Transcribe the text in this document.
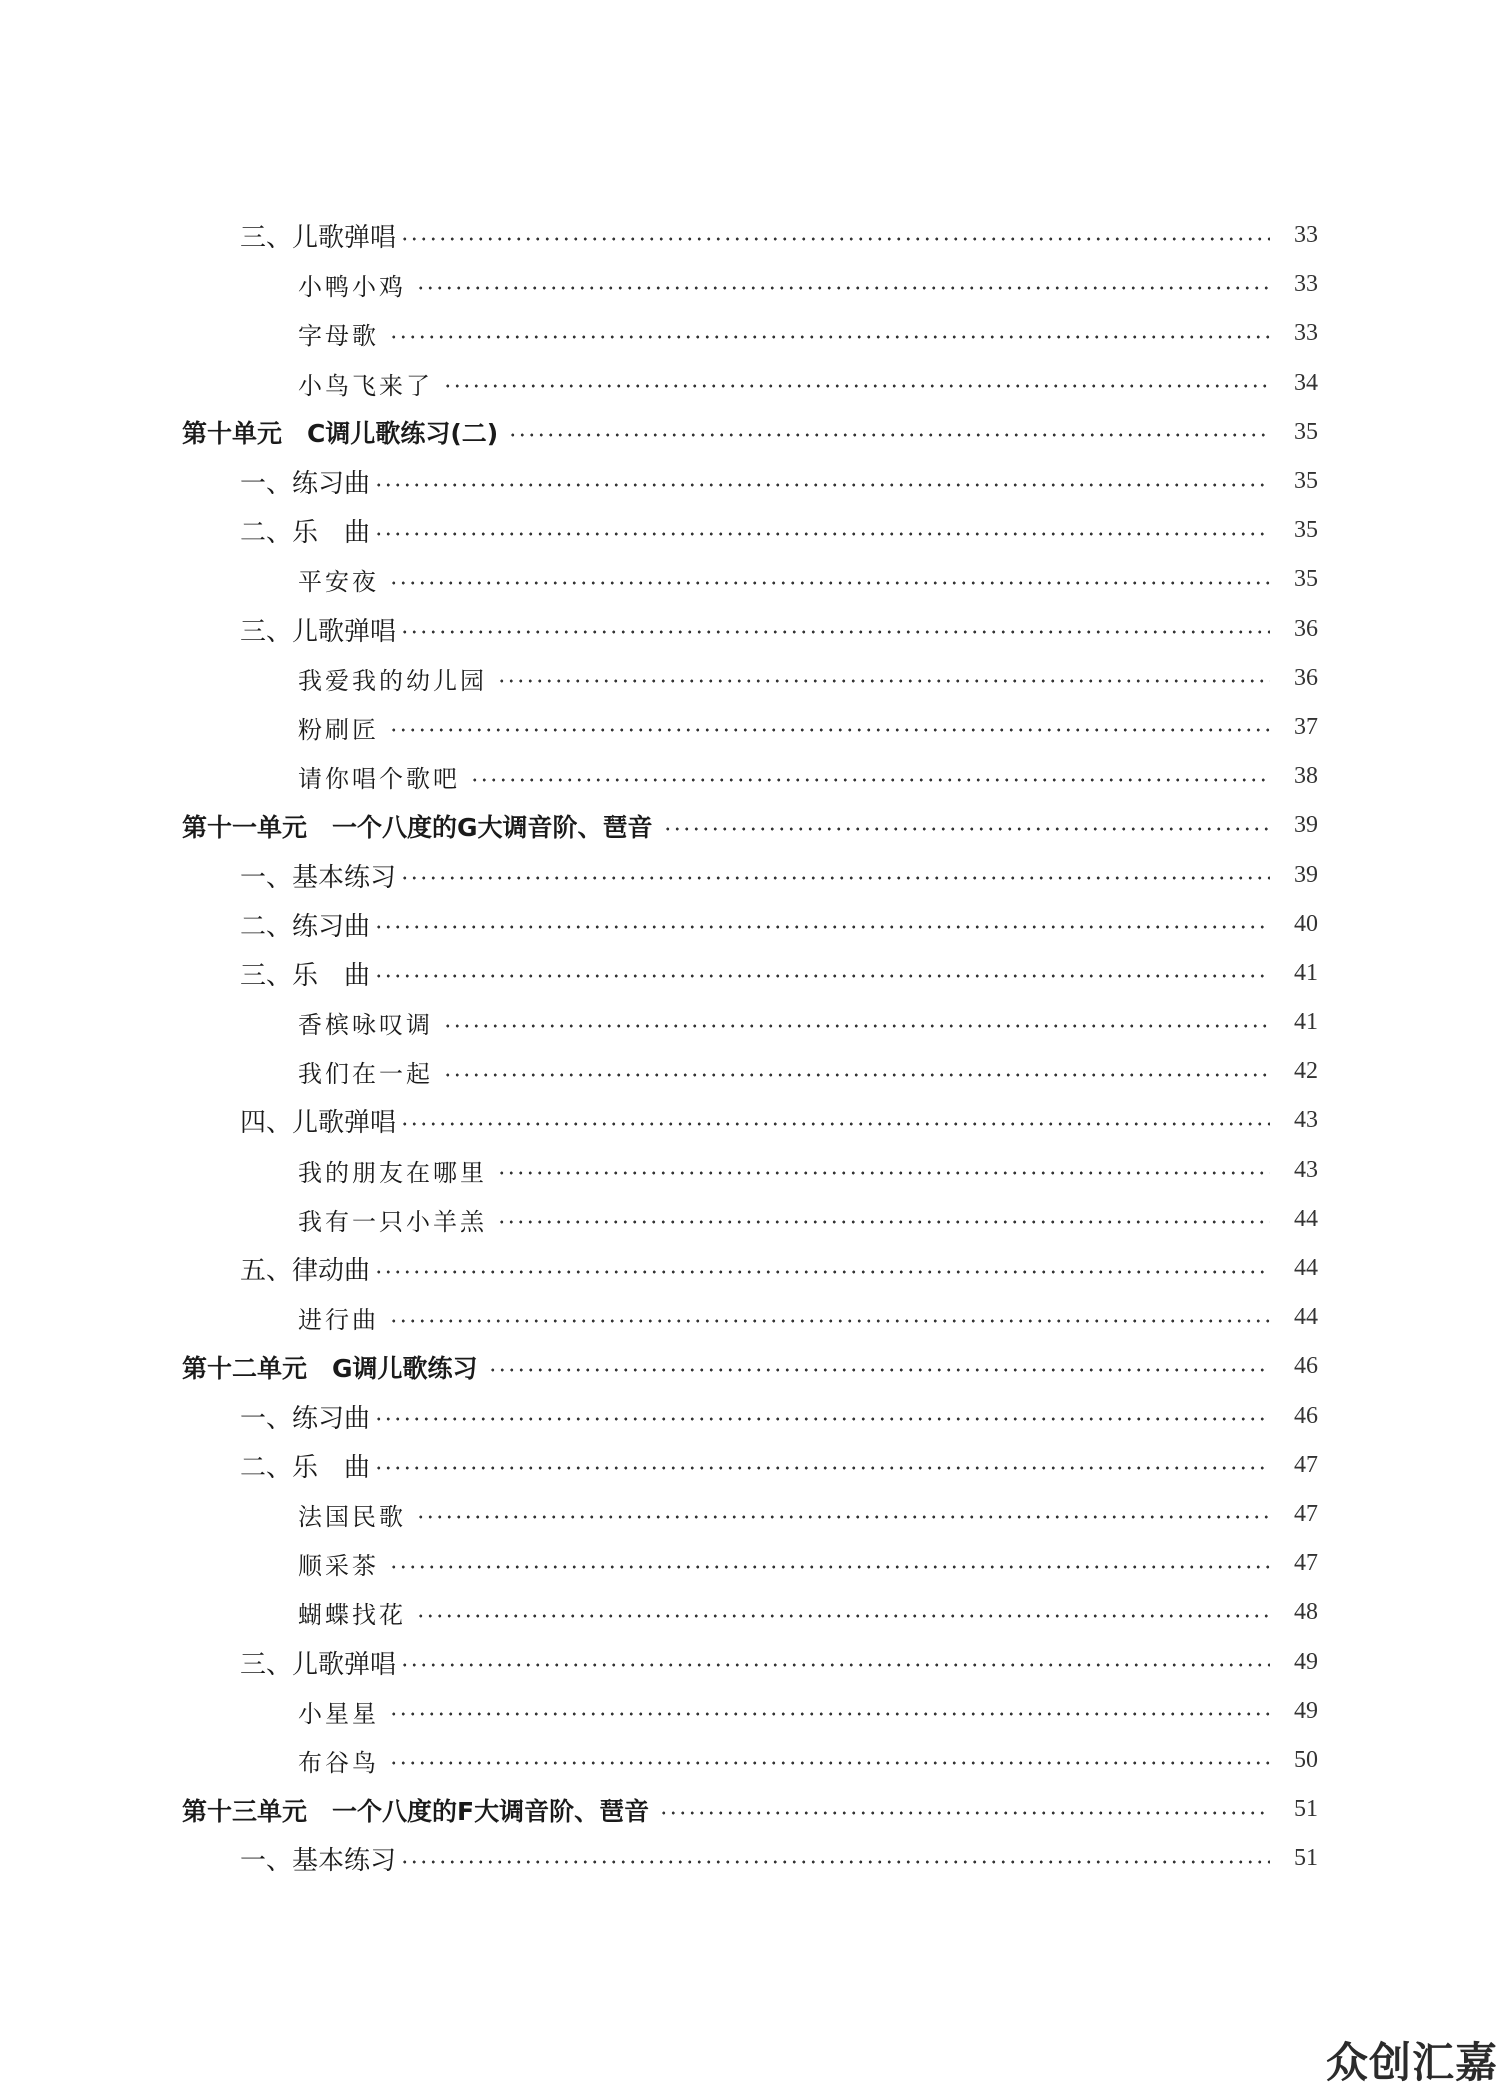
三、儿歌弹唱	33
小鸭小鸡	33
字母歌	33
小鸟飞来了	34
第十单元　C调儿歌练习(二)	35
一、练习曲	35
二、乐　曲	35
平安夜	35
三、儿歌弹唱	36
我爱我的幼儿园	36
粉刷匠	37
请你唱个歌吧	38
第十一单元　一个八度的G大调音阶、琶音	39
一、基本练习	39
二、练习曲	40
三、乐　曲	41
香槟咏叹调	41
我们在一起	42
四、儿歌弹唱	43
我的朋友在哪里	43
我有一只小羊羔	44
五、律动曲	44
进行曲	44
第十二单元　G调儿歌练习	46
一、练习曲	46
二、乐　曲	47
法国民歌	47
顺采茶	47
蝴蝶找花	48
三、儿歌弹唱	49
小星星	49
布谷鸟	50
第十三单元　一个八度的F大调音阶、琶音	51
一、基本练习	51
众创汇嘉
